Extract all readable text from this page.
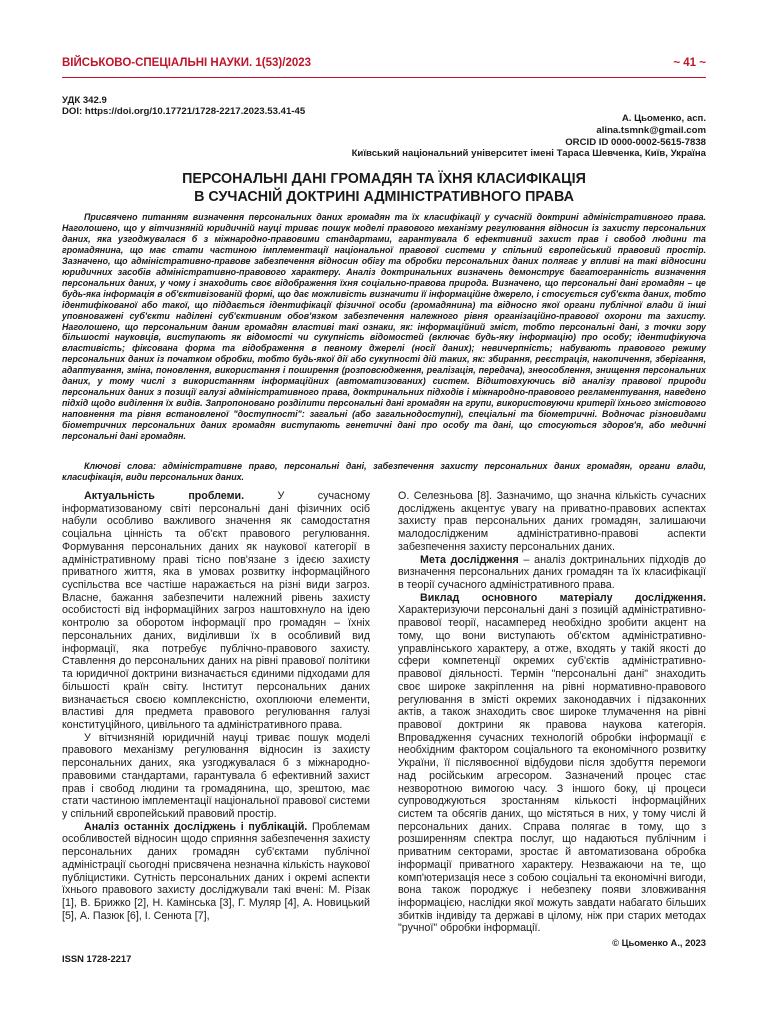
ВІЙСЬКОВО-СПЕЦІАЛЬНІ НАУКИ. 1(53)/2023	~ 41 ~
УДК 342.9
DOI: https://doi.org/10.17721/1728-2217.2023.53.41-45
А. Цьоменко, асп.
alina.tsmnk@gmail.com
ORCID ID 0000-0002-5615-7838
Київський національний університет імені Тараса Шевченка, Київ, Україна
ПЕРСОНАЛЬНІ ДАНІ ГРОМАДЯН ТА ЇХНЯ КЛАСИФІКАЦІЯ
В СУЧАСНІЙ ДОКТРИНІ АДМІНІСТРАТИВНОГО ПРАВА
Присвячено питанням визначення персональних даних громадян та їх класифікації у сучасній доктрині адміністративного права. Наголошено, що у вітчизняній юридичній науці триває пошук моделі правового механізму регулювання відносин із захисту персональних даних, яка узгоджувалася б з міжнародно-правовими стандартами, гарантувала б ефективний захист прав і свобод людини та громадянина, що має стати частиною імплементації національної правової системи у спільний європейський правовий простір. Зазначено, що адміністративно-правове забезпечення відносин обігу та обробки персональних даних полягає у впливі на такі відносини юридичних засобів адміністративно-правового характеру. Аналіз доктринальних визначень демонструє багатогранність визначення персональних даних, у чому і знаходить своє відображення їхня соціально-правова природа. Визначено, що персональні дані громадян – це будь-яка інформація в об'єктивізованій формі, що дає можливість визначити її інформаційне джерело, і стосується суб'єкта даних, тобто ідентифікованої або такої, що піддається ідентифікації фізичної особи (громадянина) та відносно якої органи публічної влади й інші уповноважені суб'єкти наділені суб'єктивним обов'язком забезпечення належного рівня організаційно-правової охорони та захисту. Наголошено, що персональним даним громадян властиві такі ознаки, як: інформаційний зміст, тобто персональні дані, з точки зору більшості науковців, виступають як відомості чи сукупність відомостей (включає будь-яку інформацію) про особу; ідентифікуюча властивість; фіксована форма та відображення в певному джерелі (носії даних); невичерпність; набувають правового режиму персональних даних із початком обробки, тобто будь-якої дії або сукупності дій таких, як: збирання, реєстрація, накопичення, зберігання, адаптування, зміна, поновлення, використання і поширення (розповсюдження, реалізація, передача), знеособлення, знищення персональних даних, у тому числі з використанням інформаційних (автоматизованих) систем. Відштовхуючись від аналізу правової природи персональних даних з позиції галузі адміністративного права, доктринальних підходів і міжнародно-правового регламентування, наведено підхід щодо виділення їх видів. Запропоновано розділити персональні дані громадян на групи, використовуючи критерії їхнього змістового наповнення та рівня встановленої "доступності": загальні (або загальнодоступні), спеціальні та біометричні. Водночас різновидами біометричних персональних даних громадян виступають генетичні дані про особу та дані, що стосуються здоров'я, або медичні персональні дані громадян.
Ключові слова: адміністративне право, персональні дані, забезпечення захисту персональних даних громадян, органи влади, класифікація, види персональних даних.

Актуальність проблеми. У сучасному інформатизованому світі персональні дані фізичних осіб набули особливо важливого значення як самодостатня соціальна цінність та об'єкт правового регулювання. Формування персональних даних як наукової категорії в адміністративному праві тісно пов'язане з ідеєю захисту приватного життя, яка в умовах розвитку інформаційного суспільства все частіше наражається на різні види загроз. Власне, бажання забезпечити належний рівень захисту особистості від інформаційних загроз наштовхнуло на ідею контролю за оборотом інформації про громадян – їхніх персональних даних, виділивши їх в особливий вид інформації, яка потребує публічно-правового захисту. Ставлення до персональних даних на рівні правової політики та юридичної доктрини визначається єдиними підходами для більшості країн світу. Інститут персональних даних визначається своєю комплексністю, охоплюючи елементи, властиві для предмета правового регулювання галузі конституційного, цивільного та адміністративного права.

У вітчизняній юридичній науці триває пошук моделі правового механізму регулювання відносин із захисту персональних даних, яка узгоджувалася б з міжнародно-правовими стандартами, гарантувала б ефективний захист прав і свобод людини та громадянина, що, зрештою, має стати частиною імплементації національної правової системи у спільний європейський правовий простір.

Аналіз останніх досліджень і публікацій. Проблемам особливостей відносин щодо сприяння забезпечення захисту персональних даних громадян суб'єктами публічної адміністрації сьогодні присвячена незначна кількість наукової публіцистики. Сутність персональних даних і окремі аспекти їхнього правового захисту досліджували такі вчені: М. Різак [1], В. Брижко [2], Н. Камінська [3], Г. Муляр [4], А. Новицький [5], А. Пазюк [6], І. Сенюта [7],

О. Селезньова [8]. Зазначимо, що значна кількість сучасних досліджень акцентує увагу на приватно-правових аспектах захисту прав персональних даних громадян, залишаючи малодослідженим адміністративно-правові аспекти забезпечення захисту персональних даних.

Мета дослідження – аналіз доктринальних підходів до визначення персональних даних громадян та їх класифікації в теорії сучасного адміністративного права.

Виклад основного матеріалу дослідження. Характеризуючи персональні дані з позицій адміністративно-правової теорії, насамперед необхідно зробити акцент на тому, що вони виступають об'єктом адміністративно-управлінського характеру, а отже, входять у такій якості до сфери компетенції окремих суб'єктів адміністративно-правової діяльності. Термін "персональні дані" знаходить своє широке закріплення на рівні нормативно-правового регулювання в змісті окремих законодавчих і підзаконних актів, а також знаходить своє широке тлумачення на рівні правової доктрини як правова наукова категорія. Впровадження сучасних технологій обробки інформації є необхідним фактором соціального та економічного розвитку України, її післявоєнної відбудови після здобуття перемоги над російським агресором. Зазначений процес стає незворотною вимогою часу. З іншого боку, ці процеси супроводжуються зростанням кількості інформаційних систем та обсягів даних, що містяться в них, у тому числі й персональних даних. Справа полягає в тому, що з розширенням спектра послуг, що надаються публічним і приватним секторами, зростає й автоматизована обробка інформації приватного характеру. Незважаючи на те, що комп'ютеризація несе з собою соціальні та економічні вигоди, вона також породжує і небезпеку появи зловживання інформацією, наслідки якої можуть завдати набагато більших збитків індивіду та державі в цілому, ніж при старих методах "ручної" обробки інформації.

© Цьоменко А., 2023
ISSN 1728-2217
